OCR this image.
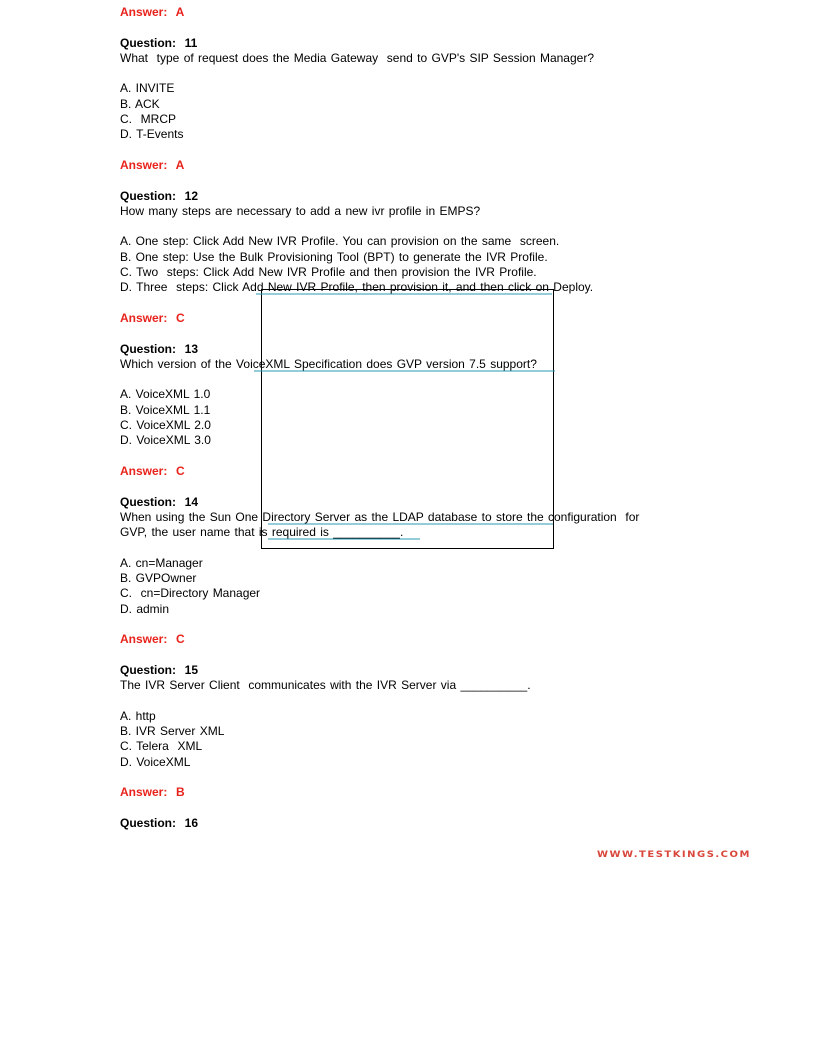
Answer:  A
Question:  11
What  type of request does the Media Gateway  send to GVP's SIP Session Manager?
A. INVITE
B. ACK
C.  MRCP
D. T-Events
Answer:  A
Question:  12
How many steps are necessary to add a new ivr profile in EMPS?
A. One step: Click Add New IVR Profile. You can provision on the same  screen.
B. One step: Use the Bulk Provisioning Tool (BPT) to generate the IVR Profile.
C. Two  steps: Click Add New IVR Profile and then provision the IVR Profile.
D. Three  steps: Click Add New IVR Profile, then provision it, and then click on Deploy.
Answer:  C
Question:  13
Which version of the VoiceXML Specification does GVP version 7.5 support?
A. VoiceXML 1.0
B. VoiceXML 1.1
C. VoiceXML 2.0
D. VoiceXML 3.0
Answer:  C
Question:  14
When using the Sun One Directory Server as the LDAP database to store the configuration  for
GVP, the user name that is required is __________.
A. cn=Manager
B. GVPOwner
C.  cn=Directory Manager
D. admin
Answer:  C
Question:  15
The IVR Server Client  communicates with the IVR Server via __________.
A. http
B. IVR Server XML
C. Telera  XML
D. VoiceXML
Answer:  B
Question:  16
WWW.TESTKINGS.COM
